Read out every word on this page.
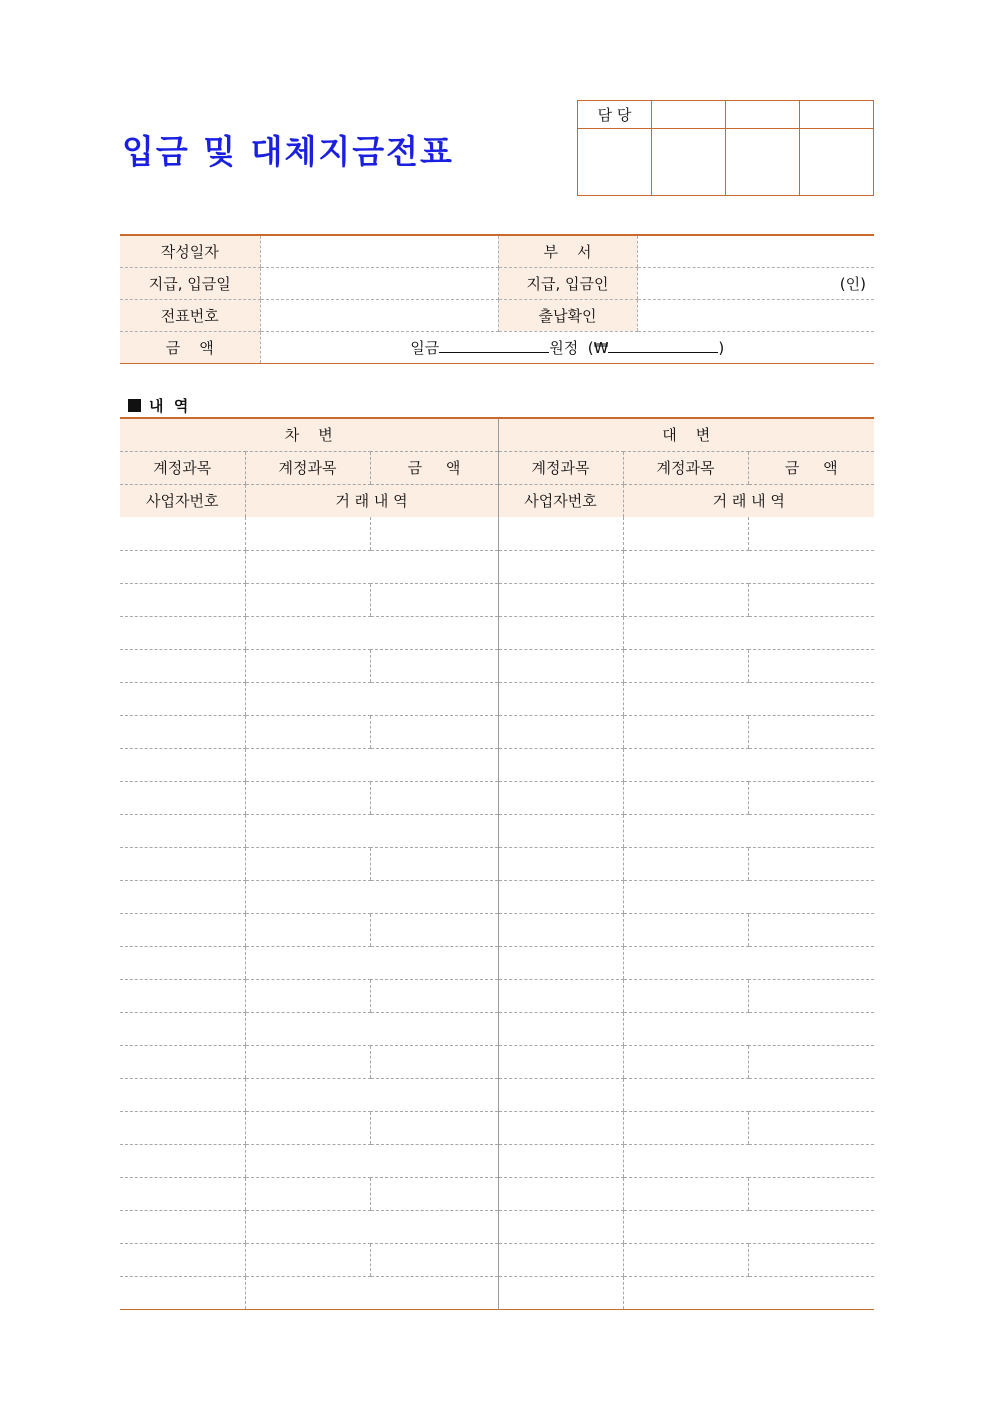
입금 및 대체지금전표
담 당			

작성일자		부    서	
지급, 입금일		지급, 입금인	(인)
전표번호		출납확인	
금    액	일금 원정  (₩ )		
내  역
차    변			대    변		
계정과목	계정과목	금     액	계정과목	계정과목	금     액
사업자번호	거 래 내 역		사업자번호	거 래 내 역	
